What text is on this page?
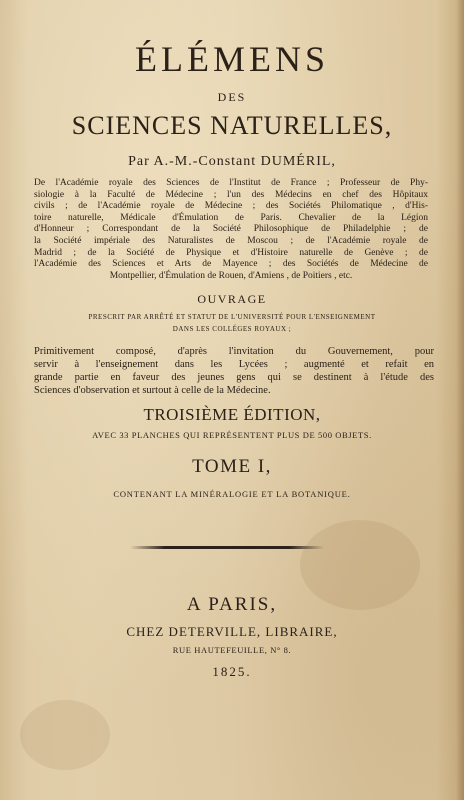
ÉLÉMENS
DES
SCIENCES NATURELLES,
Par A.-M.-Constant DUMÉRIL,
De l'Académie royale des Sciences de l'Institut de France ; Professeur de Phy-
siologie à la Faculté de Médecine ; l'un des Médecins en chef des Hôpitaux
civils ; de l'Académie royale de Médecine ; des Sociétés Philomatique , d'His-
toire naturelle, Médicale d'Émulation de Paris. Chevalier de la Légion
d'Honneur ; Correspondant de la Société Philosophique de Philadelphie ; de
la Société impériale des Naturalistes de Moscou ; de l'Académie royale de
Madrid ; de la Société de Physique et d'Histoire naturelle de Genève ; de
l'Académie des Sciences et Arts de Mayence ; des Sociétés de Médecine de
Montpellier, d'Émulation de Rouen, d'Amiens , de Poitiers , etc.
OUVRAGE
PRESCRIT PAR ARRÊTÉ ET STATUT DE L'UNIVERSITÉ POUR L'ENSEIGNEMENT
DANS LES COLLÉGES ROYAUX ;
Primitivement composé, d'après l'invitation du Gouvernement, pour
servir à l'enseignement dans les Lycées ; augmenté et refait en
grande partie en faveur des jeunes gens qui se destinent à l'étude des
Sciences d'observation et surtout à celle de la Médecine.
TROISIÈME ÉDITION,
AVEC 33 PLANCHES QUI REPRÉSENTENT PLUS DE 500 OBJETS.
TOME I,
CONTENANT LA MINÉRALOGIE ET LA BOTANIQUE.
A PARIS,
CHEZ DETERVILLE, LIBRAIRE,
RUE HAUTEFEUILLE, N° 8.
1825.
